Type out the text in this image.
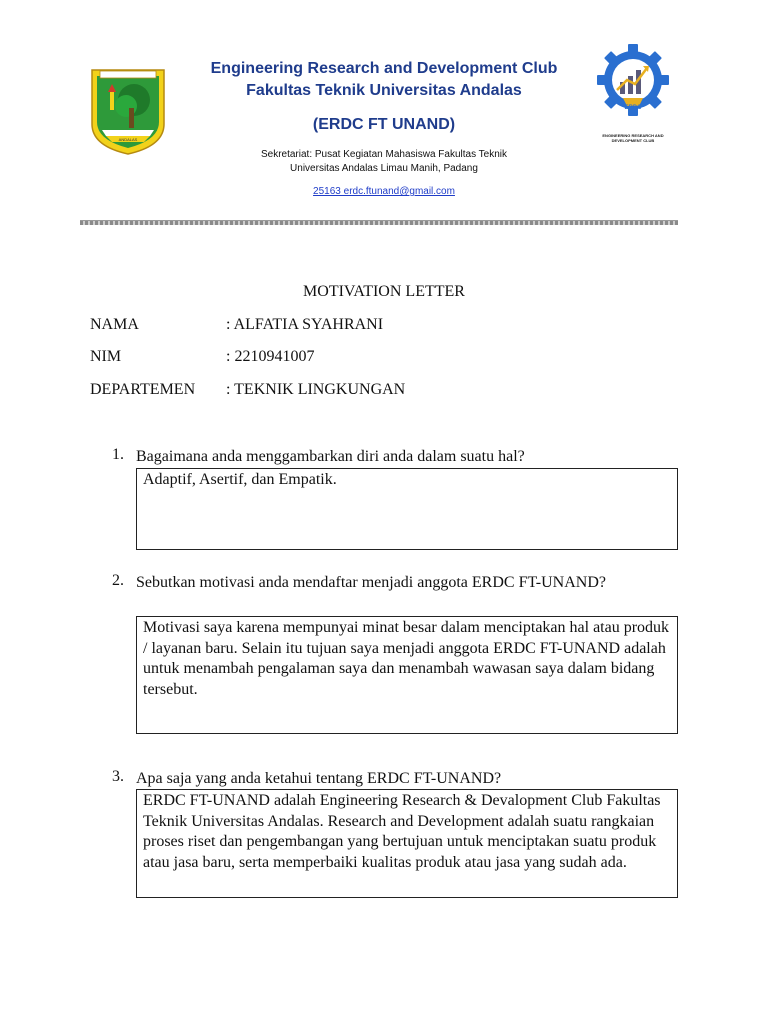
ANDALAS
Engineering Research and Development Club
Fakultas Teknik Universitas Andalas
(ERDC FT UNAND)
Sekretariat: Pusat Kegiatan Mahasiswa Fakultas Teknik
Universitas Andalas Limau Manih, Padang
25163 erdc.ftunand@gmail.com
ERDC
ENGINEERING RESEARCH AND
DEVELOPMENT CLUB
MOTIVATION LETTER
NAMA	: ALFATIA SYAHRANI
NIM	: 2210941007
DEPARTEMEN : TEKNIK LINGKUNGAN
1. Bagaimana anda menggambarkan diri anda dalam suatu hal?
Adaptif, Asertif, dan Empatik.
2. Sebutkan motivasi anda mendaftar menjadi anggota ERDC FT-UNAND?
Motivasi saya karena mempunyai minat besar dalam menciptakan hal atau produk / layanan baru. Selain itu tujuan saya menjadi anggota ERDC FT-UNAND adalah untuk menambah pengalaman saya dan menambah wawasan saya dalam bidang tersebut.
3. Apa saja yang anda ketahui tentang ERDC FT-UNAND?
ERDC FT-UNAND adalah Engineering Research & Devalopment Club Fakultas Teknik Universitas Andalas. Research and Development adalah suatu rangkaian proses riset dan pengembangan yang bertujuan untuk menciptakan suatu produk atau jasa baru, serta memperbaiki kualitas produk atau jasa yang sudah ada.
